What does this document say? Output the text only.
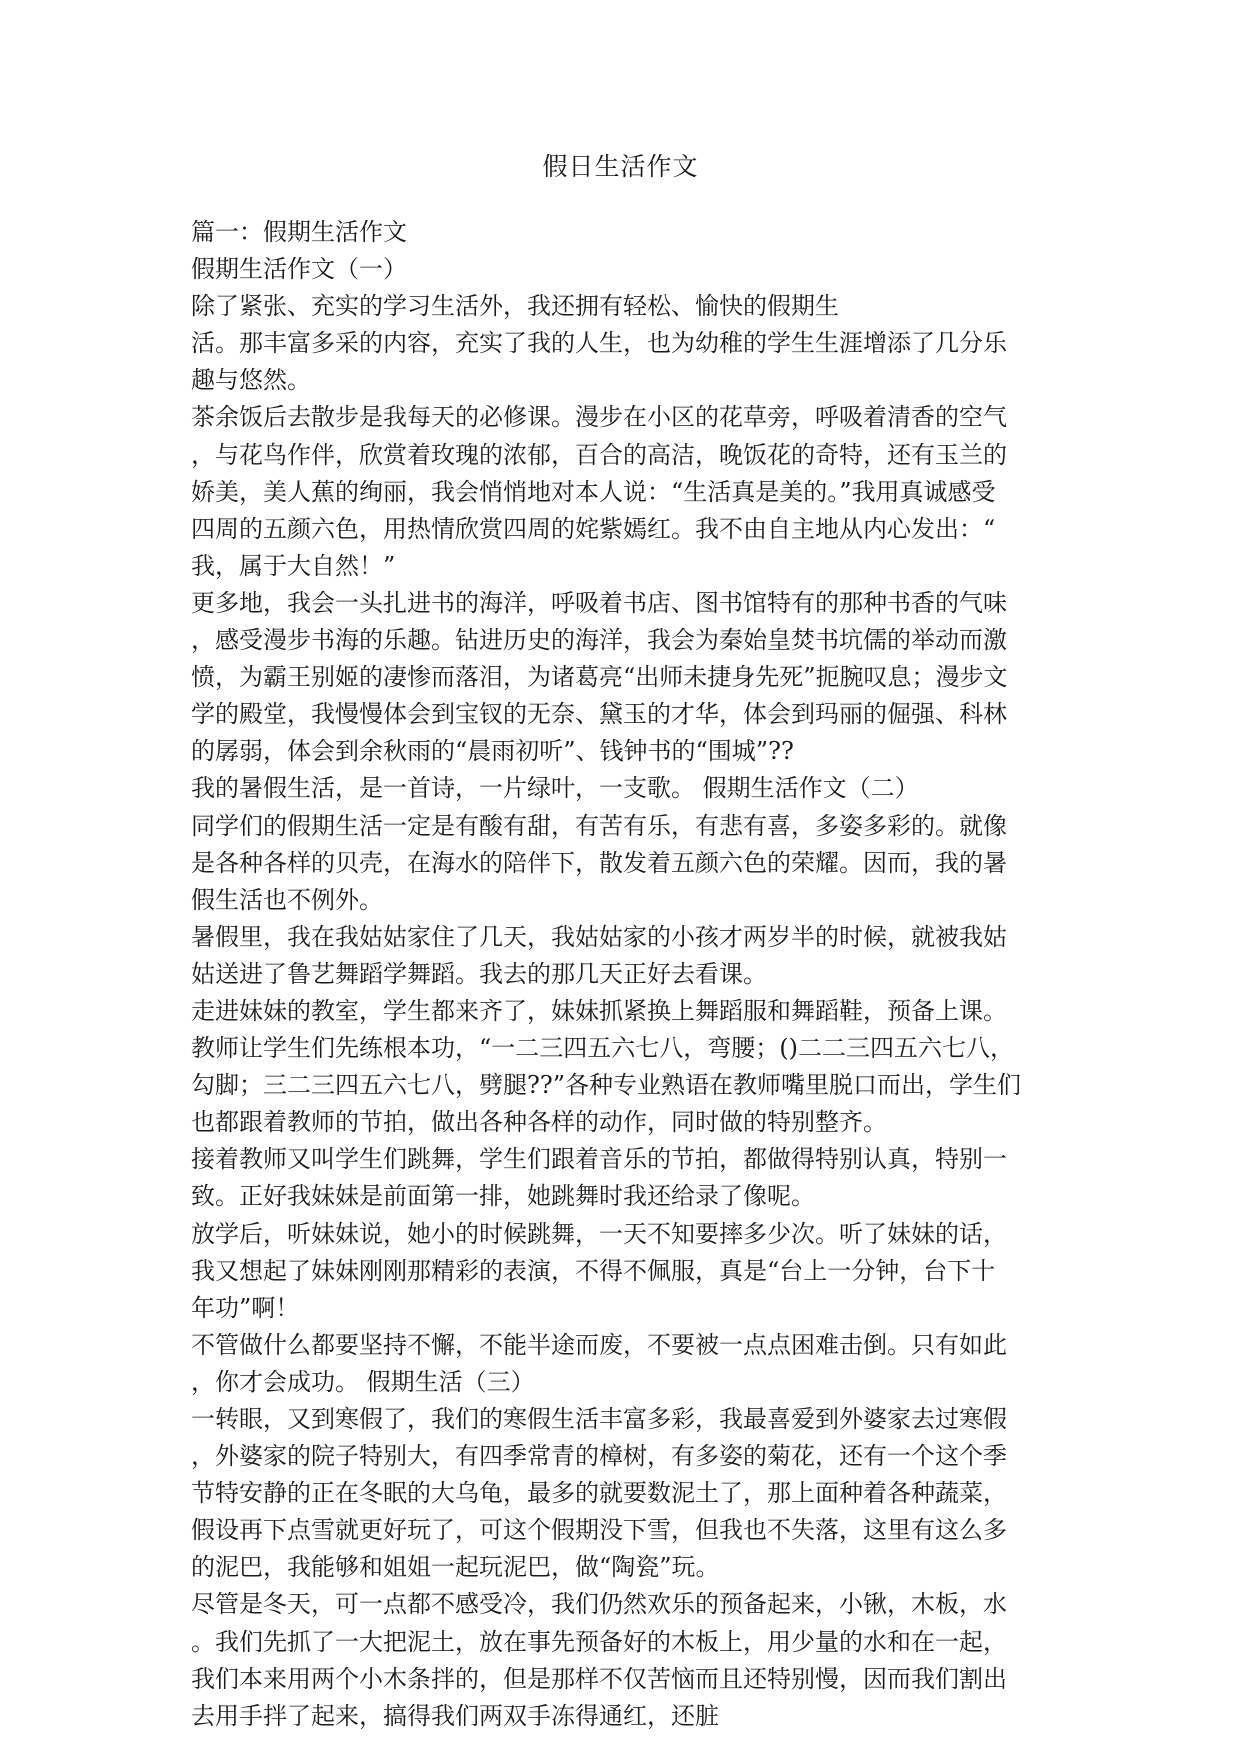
假日生活作文
篇一：假期生活作文
假期生活作文（一）
除了紧张、充实的学习生活外，我还拥有轻松、愉快的假期生
活。那丰富多采的内容，充实了我的人生，也为幼稚的学生生涯增添了几分乐
趣与悠然。
茶余饭后去散步是我每天的必修课。漫步在小区的花草旁，呼吸着清香的空气
，与花鸟作伴，欣赏着玫瑰的浓郁，百合的高洁，晚饭花的奇特，还有玉兰的
娇美，美人蕉的绚丽，我会悄悄地对本人说：“生活真是美的。”我用真诚感受
四周的五颜六色，用热情欣赏四周的姹紫嫣红。我不由自主地从内心发出：“
我，属于大自然！”
更多地，我会一头扎进书的海洋，呼吸着书店、图书馆特有的那种书香的气味
，感受漫步书海的乐趣。钻进历史的海洋，我会为秦始皇焚书坑儒的举动而激
愤，为霸王别姬的凄惨而落泪，为诸葛亮“出师未捷身先死”扼腕叹息；漫步文
学的殿堂，我慢慢体会到宝钗的无奈、黛玉的才华，体会到玛丽的倔强、科林
的孱弱，体会到余秋雨的“晨雨初听”、钱钟书的“围城”??
我的暑假生活，是一首诗，一片绿叶，一支歌。 假期生活作文（二）
同学们的假期生活一定是有酸有甜，有苦有乐，有悲有喜，多姿多彩的。就像
是各种各样的贝壳，在海水的陪伴下，散发着五颜六色的荣耀。因而，我的暑
假生活也不例外。
暑假里，我在我姑姑家住了几天，我姑姑家的小孩才两岁半的时候，就被我姑
姑送进了鲁艺舞蹈学舞蹈。我去的那几天正好去看课。
走进妹妹的教室，学生都来齐了，妹妹抓紧换上舞蹈服和舞蹈鞋，预备上课。
教师让学生们先练根本功，“一二三四五六七八，弯腰；()二二三四五六七八，
勾脚；三二三四五六七八，劈腿??”各种专业熟语在教师嘴里脱口而出，学生们
也都跟着教师的节拍，做出各种各样的动作，同时做的特别整齐。
接着教师又叫学生们跳舞，学生们跟着音乐的节拍，都做得特别认真，特别一
致。正好我妹妹是前面第一排，她跳舞时我还给录了像呢。
放学后，听妹妹说，她小的时候跳舞，一天不知要摔多少次。听了妹妹的话，
我又想起了妹妹刚刚那精彩的表演，不得不佩服，真是“台上一分钟，台下十
年功”啊！
不管做什么都要坚持不懈，不能半途而废，不要被一点点困难击倒。只有如此
，你才会成功。 假期生活（三）
一转眼，又到寒假了，我们的寒假生活丰富多彩，我最喜爱到外婆家去过寒假
，外婆家的院子特别大，有四季常青的樟树，有多姿的菊花，还有一个这个季
节特安静的正在冬眠的大乌龟，最多的就要数泥土了，那上面种着各种蔬菜，
假设再下点雪就更好玩了，可这个假期没下雪，但我也不失落，这里有这么多
的泥巴，我能够和姐姐一起玩泥巴，做“陶瓷”玩。
尽管是冬天，可一点都不感受冷，我们仍然欢乐的预备起来，小锹，木板，水
。我们先抓了一大把泥土，放在事先预备好的木板上，用少量的水和在一起，
我们本来用两个小木条拌的，但是那样不仅苦恼而且还特别慢，因而我们割出
去用手拌了起来，搞得我们两双手冻得通红，还脏
